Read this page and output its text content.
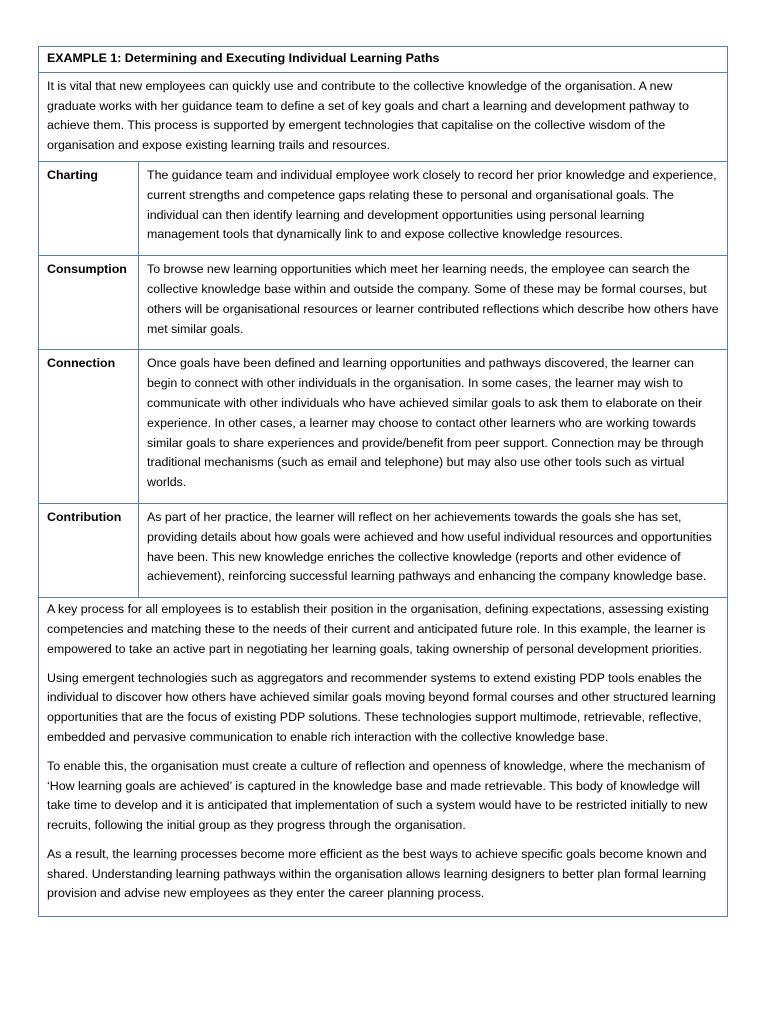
EXAMPLE 1: Determining and Executing Individual Learning Paths	
It is vital that new employees can quickly use and contribute to the collective knowledge of the organisation. A new graduate works with her guidance team to define a set of key goals and chart a learning and development pathway to achieve them. This process is supported by emergent technologies that capitalise on the collective wisdom of the organisation and expose existing learning trails and resources.	
Charting	The guidance team and individual employee work closely to record her prior knowledge and experience, current strengths and competence gaps relating these to personal and organisational goals. The individual can then identify learning and development opportunities using personal learning management tools that dynamically link to and expose collective knowledge resources.
Consumption	To browse new learning opportunities which meet her learning needs, the employee can search the collective knowledge base within and outside the company. Some of these may be formal courses, but others will be organisational resources or learner contributed reflections which describe how others have met similar goals.
Connection	Once goals have been defined and learning opportunities and pathways discovered, the learner can begin to connect with other individuals in the organisation. In some cases, the learner may wish to communicate with other individuals who have achieved similar goals to ask them to elaborate on their experience. In other cases, a learner may choose to contact other learners who are working towards similar goals to share experiences and provide/benefit from peer support. Connection may be through traditional mechanisms (such as email and telephone) but may also use other tools such as virtual worlds.
Contribution	As part of her practice, the learner will reflect on her achievements towards the goals she has set, providing details about how goals were achieved and how useful individual resources and opportunities have been. This new knowledge enriches the collective knowledge (reports and other evidence of achievement), reinforcing successful learning pathways and enhancing the company knowledge base.

A key process for all employees is to establish their position in the organisation, defining expectations, assessing existing competencies and matching these to the needs of their current and anticipated future role. In this example, the learner is empowered to take an active part in negotiating her learning goals, taking ownership of personal development priorities.

Using emergent technologies such as aggregators and recommender systems to extend existing PDP tools enables the individual to discover how others have achieved similar goals moving beyond formal courses and other structured learning opportunities that are the focus of existing PDP solutions. These technologies support multimode, retrievable, reflective, embedded and pervasive communication to enable rich interaction with the collective knowledge base.

To enable this, the organisation must create a culture of reflection and openness of knowledge, where the mechanism of ‘How learning goals are achieved’ is captured in the knowledge base and made retrievable. This body of knowledge will take time to develop and it is anticipated that implementation of such a system would have to be restricted initially to new recruits, following the initial group as they progress through the organisation.

As a result, the learning processes become more efficient as the best ways to achieve specific goals become known and shared. Understanding learning pathways within the organisation allows learning designers to better plan formal learning provision and advise new employees as they enter the career planning process.	
